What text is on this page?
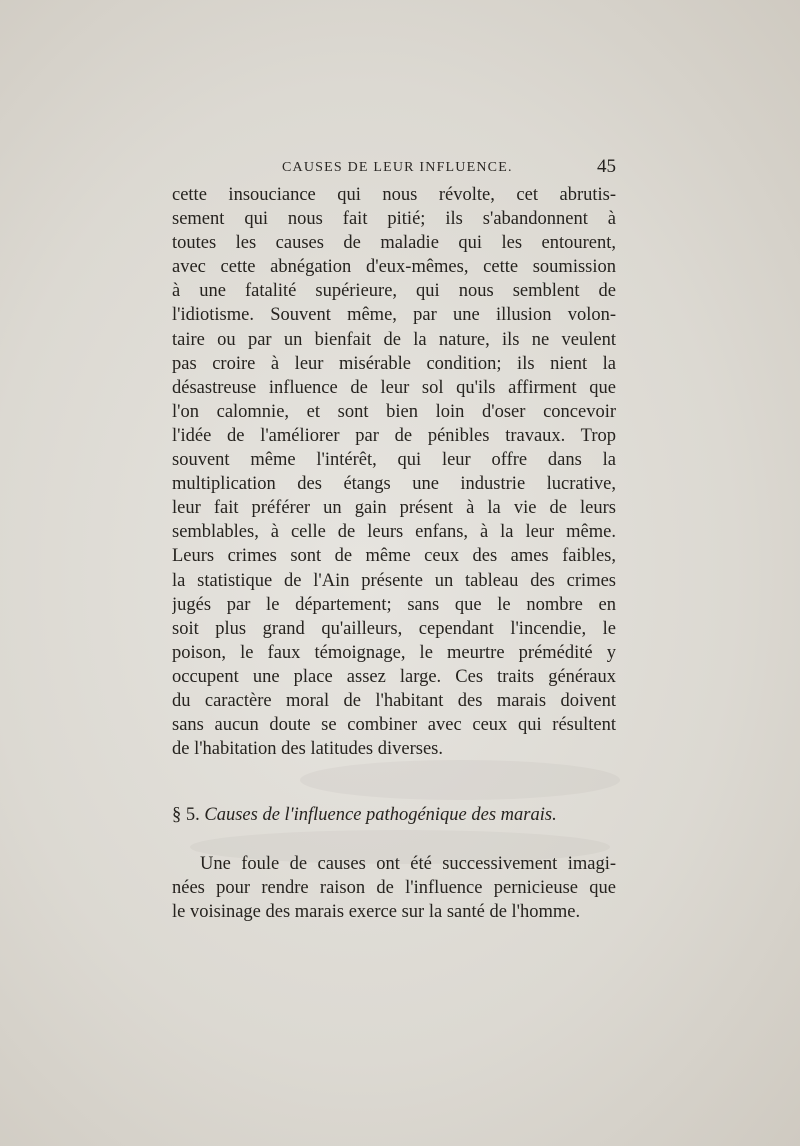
CAUSES DE LEUR INFLUENCE.	45
cette insouciance qui nous révolte, cet abrutis-
sement qui nous fait pitié; ils s'abandonnent à
toutes les causes de maladie qui les entourent,
avec cette abnégation d'eux-mêmes, cette soumission
à une fatalité supérieure, qui nous semblent de
l'idiotisme. Souvent même, par une illusion volon-
taire ou par un bienfait de la nature, ils ne veulent
pas croire à leur misérable condition; ils nient la
désastreuse influence de leur sol qu'ils affirment que
l'on calomnie, et sont bien loin d'oser concevoir
l'idée de l'améliorer par de pénibles travaux. Trop
souvent même l'intérêt, qui leur offre dans la
multiplication des étangs une industrie lucrative,
leur fait préférer un gain présent à la vie de leurs
semblables, à celle de leurs enfans, à la leur même.
Leurs crimes sont de même ceux des ames faibles,
la statistique de l'Ain présente un tableau des crimes
jugés par le département; sans que le nombre en
soit plus grand qu'ailleurs, cependant l'incendie, le
poison, le faux témoignage, le meurtre prémédité y
occupent une place assez large. Ces traits généraux
du caractère moral de l'habitant des marais doivent
sans aucun doute se combiner avec ceux qui résultent
de l'habitation des latitudes diverses.
§ 5. Causes de l'influence pathogénique des marais.
Une foule de causes ont été successivement imagi-
nées pour rendre raison de l'influence pernicieuse que
le voisinage des marais exerce sur la santé de l'homme.
